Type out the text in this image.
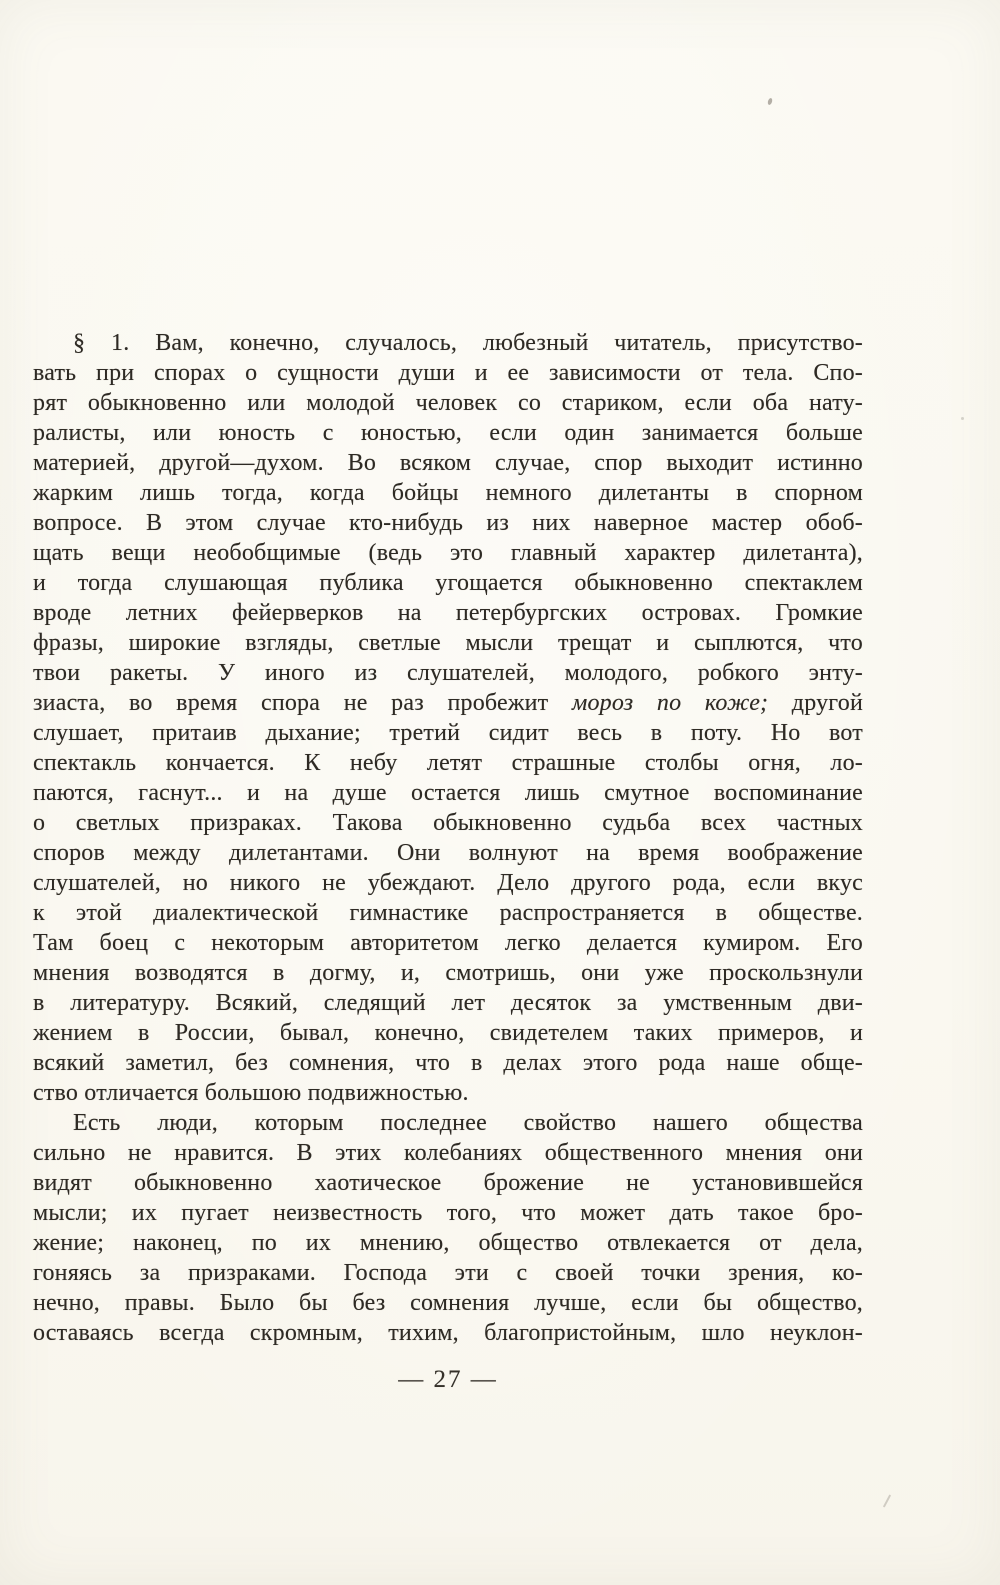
§ 1. Вам, конечно, случалось, любезный читатель, присутство-
вать при спорах о сущности души и ее зависимости от тела. Спо-
рят обыкновенно или молодой человек со стариком, если оба нату-
ралисты, или юность с юностью, если один занимается больше
материей, другой—духом. Во всяком случае, спор выходит истинно
жарким лишь тогда, когда бойцы немного дилетанты в спорном
вопросе. В этом случае кто-нибудь из них наверное мастер обоб-
щать вещи необобщимые (ведь это главный характер дилетанта),
и тогда слушающая публика угощается обыкновенно спектаклем
вроде летних фейерверков на петербургских островах. Громкие
фразы, широкие взгляды, светлые мысли трещат и сыплются, что
твои ракеты. У иного из слушателей, молодого, робкого энту-
зиаста, во время спора не раз пробежит мороз по коже; другой
слушает, притаив дыхание; третий сидит весь в поту. Но вот
спектакль кончается. К небу летят страшные столбы огня, ло-
паются, гаснут... и на душе остается лишь смутное воспоминание
о светлых призраках. Такова обыкновенно судьба всех частных
споров между дилетантами. Они волнуют на время воображение
слушателей, но никого не убеждают. Дело другого рода, если вкус
к этой диалектической гимнастике распространяется в обществе.
Там боец с некоторым авторитетом легко делается кумиром. Его
мнения возводятся в догму, и, смотришь, они уже проскользнули
в литературу. Всякий, следящий лет десяток за умственным дви-
жением в России, бывал, конечно, свидетелем таких примеров, и
всякий заметил, без сомнения, что в делах этого рода наше обще-
ство отличается большою подвижностью.
Есть люди, которым последнее свойство нашего общества
сильно не нравится. В этих колебаниях общественного мнения они
видят обыкновенно хаотическое брожение не установившейся
мысли; их пугает неизвестность того, что может дать такое бро-
жение; наконец, по их мнению, общество отвлекается от дела,
гоняясь за призраками. Господа эти с своей точки зрения, ко-
нечно, правы. Было бы без сомнения лучше, если бы общество,
оставаясь всегда скромным, тихим, благопристойным, шло неуклон-
— 27 —
